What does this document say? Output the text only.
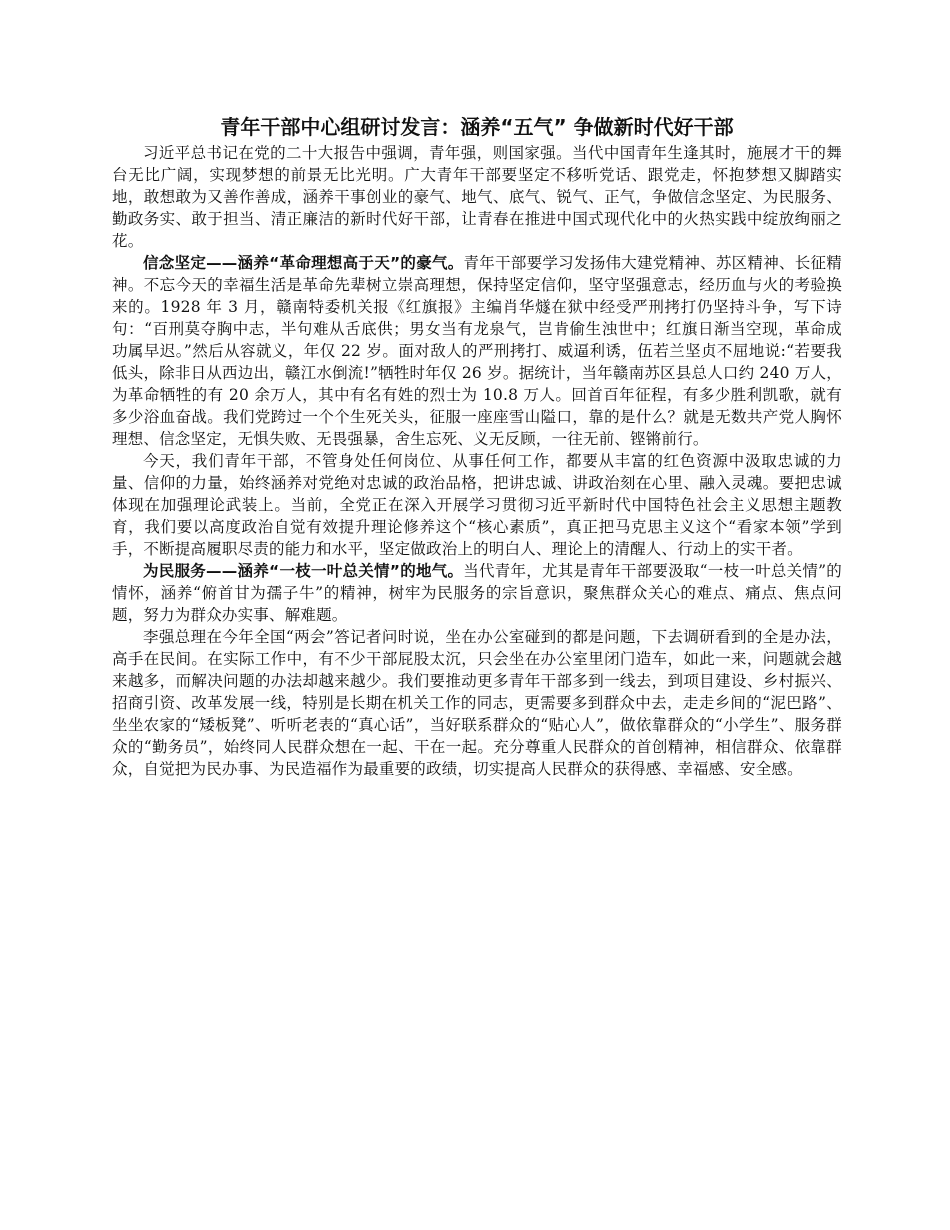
青年干部中心组研讨发言：涵养“五气” 争做新时代好干部

习近平总书记在党的二十大报告中强调，青年强，则国家强。当代中国青年生逢其时，施展才干的舞台无比广阔，实现梦想的前景无比光明。广大青年干部要坚定不移听党话、跟党走，怀抱梦想又脚踏实地，敢想敢为又善作善成，涵养干事创业的豪气、地气、底气、锐气、正气，争做信念坚定、为民服务、勤政务实、敢于担当、清正廉洁的新时代好干部，让青春在推进中国式现代化中的火热实践中绽放绚丽之花。

信念坚定——涵养“革命理想高于天”的豪气。青年干部要学习发扬伟大建党精神、苏区精神、长征精神。不忘今天的幸福生活是革命先辈树立崇高理想，保持坚定信仰，坚守坚强意志，经历血与火的考验换来的。1928 年 3 月，赣南特委机关报《红旗报》主编肖华燧在狱中经受严刑拷打仍坚持斗争，写下诗句：“百刑莫夺胸中志，半句难从舌底供；男女当有龙泉气，岂肯偷生浊世中；红旗日渐当空现，革命成功属早迟。”然后从容就义，年仅 22 岁。面对敌人的严刑拷打、威逼利诱，伍若兰坚贞不屈地说:“若要我低头，除非日从西边出，赣江水倒流!”牺牲时年仅 26 岁。据统计，当年赣南苏区县总人口约 240 万人，为革命牺牲的有 20 余万人，其中有名有姓的烈士为 10.8 万人。回首百年征程，有多少胜利凯歌，就有多少浴血奋战。我们党跨过一个个生死关头，征服一座座雪山隘口，靠的是什么？就是无数共产党人胸怀理想、信念坚定，无惧失败、无畏强暴，舍生忘死、义无反顾，一往无前、铿锵前行。

今天，我们青年干部，不管身处任何岗位、从事任何工作，都要从丰富的红色资源中汲取忠诚的力量、信仰的力量，始终涵养对党绝对忠诚的政治品格，把讲忠诚、讲政治刻在心里、融入灵魂。要把忠诚体现在加强理论武装上。当前，全党正在深入开展学习贯彻习近平新时代中国特色社会主义思想主题教育，我们要以高度政治自觉有效提升理论修养这个“核心素质”，真正把马克思主义这个“看家本领”学到手，不断提高履职尽责的能力和水平，坚定做政治上的明白人、理论上的清醒人、行动上的实干者。

为民服务——涵养“一枝一叶总关情”的地气。当代青年，尤其是青年干部要汲取“一枝一叶总关情”的情怀，涵养“俯首甘为孺子牛”的精神，树牢为民服务的宗旨意识，聚焦群众关心的难点、痛点、焦点问题，努力为群众办实事、解难题。

李强总理在今年全国“两会”答记者问时说，坐在办公室碰到的都是问题，下去调研看到的全是办法，高手在民间。在实际工作中，有不少干部屁股太沉，只会坐在办公室里闭门造车，如此一来，问题就会越来越多，而解决问题的办法却越来越少。我们要推动更多青年干部多到一线去，到项目建设、乡村振兴、招商引资、改革发展一线，特别是长期在机关工作的同志，更需要多到群众中去，走走乡间的“泥巴路”、坐坐农家的“矮板凳”、听听老表的“真心话”，当好联系群众的“贴心人”，做依靠群众的“小学生”、服务群众的“勤务员”，始终同人民群众想在一起、干在一起。充分尊重人民群众的首创精神，相信群众、依靠群众，自觉把为民办事、为民造福作为最重要的政绩，切实提高人民群众的获得感、幸福感、安全感。
